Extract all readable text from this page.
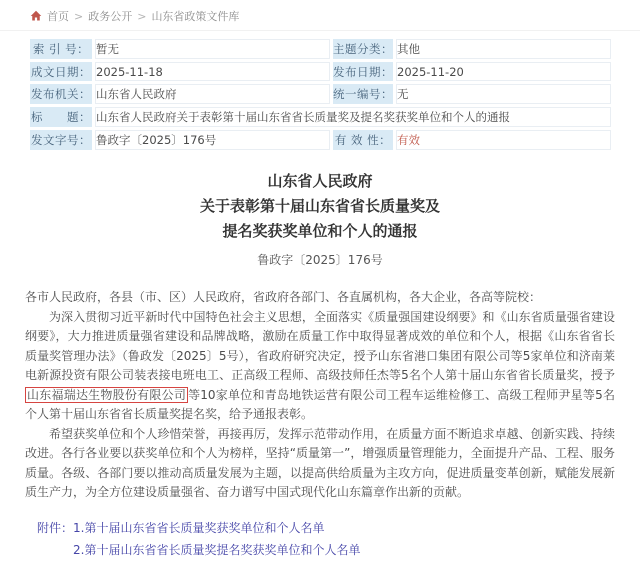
首页 > 政务公开 > 山东省政策文件库
索 引 号：	暂无	主题分类：	其他
成文日期：	2025-11-18	发布日期：	2025-11-20
发布机关：	山东省人民政府	统一编号：	无
标　　题：	山东省人民政府关于表彰第十届山东省省长质量奖及提名奖获奖单位和个人的通报		
发文字号：	鲁政字〔2025〕176号	有 效 性：	有效
山东省人民政府
关于表彰第十届山东省省长质量奖及
提名奖获奖单位和个人的通报
鲁政字〔2025〕176号

各市人民政府，各县（市、区）人民政府，省政府各部门、各直属机构，各大企业，各高等院校：

为深入贯彻习近平新时代中国特色社会主义思想，全面落实《质量强国建设纲要》和《山东省质量强省建设纲要》，大力推进质量强省建设和品牌战略，激励在质量工作中取得显著成效的单位和个人，根据《山东省省长质量奖管理办法》（鲁政发〔2025〕5号），省政府研究决定，授予山东省港口集团有限公司等5家单位和济南莱电新源投资有限公司装表接电班电工、正高级工程师、高级技师任杰等5名个人第十届山东省省长质量奖，授予山东福瑞达生物股份有限公司 等10家单位和青岛地铁运营有限公司工程车运维检修工、高级工程师尹星等5名个人第十届山东省省长质量奖提名奖，给予通报表彰。

希望获奖单位和个人珍惜荣誉，再接再厉，发挥示范带动作用，在质量方面不断追求卓越、创新实践、持续改进。各行各业要以获奖单位和个人为榜样，坚持“质量第一”，增强质量管理能力，全面提升产品、工程、服务质量。各级、各部门要以推动高质量发展为主题，以提高供给质量为主攻方向，促进质量变革创新，赋能发展新质生产力，为全方位建设质量强省、奋力谱写中国式现代化山东篇章作出新的贡献。

附件：1.第十届山东省省长质量奖获奖单位和个人名单
2.第十届山东省省长质量奖提名奖获奖单位和个人名单
